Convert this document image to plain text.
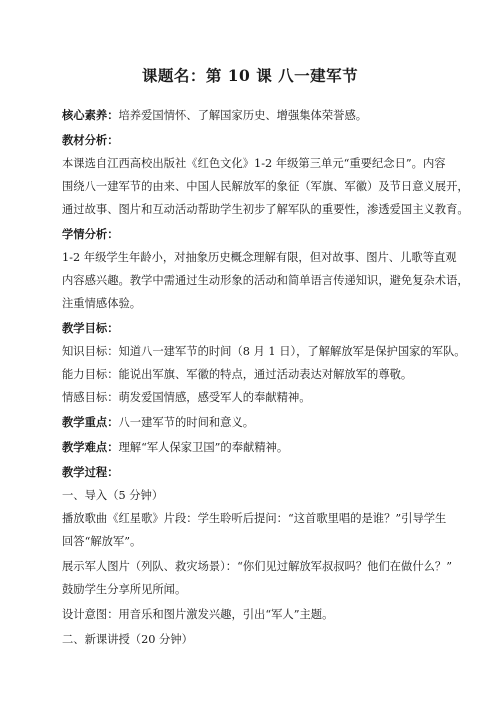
课题名：第 10 课 八一建军节

核心素养：培养爱国情怀、了解国家历史、增强集体荣誉感。

教材分析：

本课选自江西高校出版社《红色文化》1-2 年级第三单元“重要纪念日”。内容

围绕八一建军节的由来、中国人民解放军的象征（军旗、军徽）及节日意义展开，

通过故事、图片和互动活动帮助学生初步了解军队的重要性，渗透爱国主义教育。

学情分析：

1-2 年级学生年龄小，对抽象历史概念理解有限，但对故事、图片、儿歌等直观

内容感兴趣。教学中需通过生动形象的活动和简单语言传递知识，避免复杂术语，

注重情感体验。

教学目标：

知识目标：知道八一建军节的时间（8 月 1 日），了解解放军是保护国家的军队。

能力目标：能说出军旗、军徽的特点，通过活动表达对解放军的尊敬。

情感目标：萌发爱国情感，感受军人的奉献精神。

教学重点：八一建军节的时间和意义。

教学难点：理解“军人保家卫国”的奉献精神。

教学过程：

一、导入（5 分钟）

播放歌曲《红星歌》片段：学生聆听后提问：“这首歌里唱的是谁？”引导学生

回答“解放军”。

展示军人图片（列队、救灾场景）：“你们见过解放军叔叔吗？他们在做什么？”

鼓励学生分享所见所闻。

设计意图：用音乐和图片激发兴趣，引出“军人”主题。

二、新课讲授（20 分钟）
